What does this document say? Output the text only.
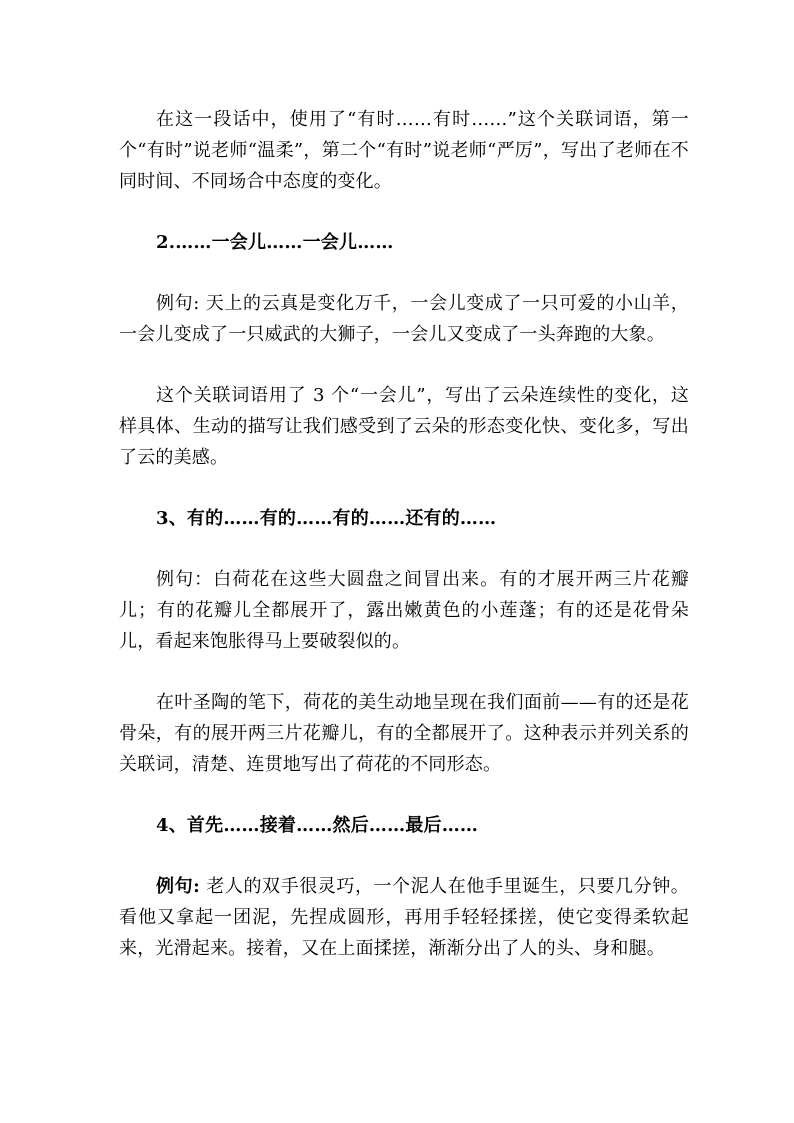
在这一段话中，使用了“有时……有时……”这个关联词语，第一个“有时”说老师“温柔”，第二个“有时”说老师“严厉”，写出了老师在不同时间、不同场合中态度的变化。

2.……一会儿……一会儿……

例句: 天上的云真是变化万千，一会儿变成了一只可爱的小山羊，一会儿变成了一只威武的大狮子，一会儿又变成了一头奔跑的大象。

这个关联词语用了 3 个“一会儿”，写出了云朵连续性的变化，这样具体、生动的描写让我们感受到了云朵的形态变化快、变化多，写出了云的美感。

3、有的……有的……有的……还有的……

例句：白荷花在这些大圆盘之间冒出来。有的才展开两三片花瓣儿；有的花瓣儿全都展开了，露出嫩黄色的小莲蓬；有的还是花骨朵儿，看起来饱胀得马上要破裂似的。

在叶圣陶的笔下，荷花的美生动地呈现在我们面前——有的还是花骨朵，有的展开两三片花瓣儿，有的全都展开了。这种表示并列关系的关联词，清楚、连贯地写出了荷花的不同形态。

4、首先……接着……然后……最后……

例句: 老人的双手很灵巧，一个泥人在他手里诞生，只要几分钟。看他又拿起一团泥，先捏成圆形，再用手轻轻揉搓，使它变得柔软起来，光滑起来。接着，又在上面揉搓，渐渐分出了人的头、身和腿。
